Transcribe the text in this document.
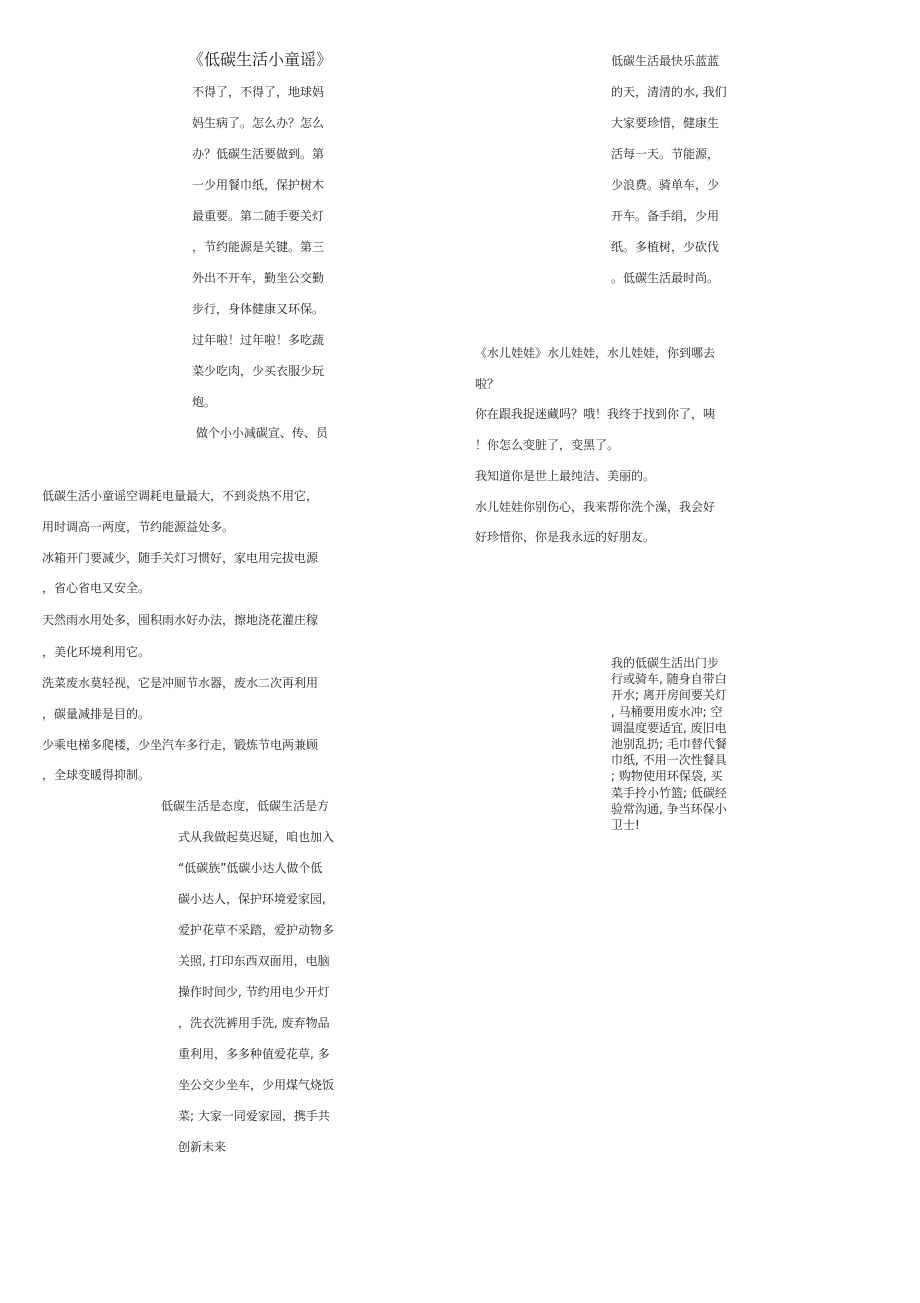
《低碳生活小童谣》
不得了，不得了，地球妈
妈生病了。怎么办？怎么
办？低碳生活要做到。第
一少用餐巾纸，保护树木
最重要。第二随手要关灯
，节约能源是关键。第三
外出不开车，勤坐公交勤
步行，身体健康又环保。
过年啦！过年啦！多吃蔬
菜少吃肉，少买衣服少玩
炮。
做个小小减碳宣、传、员
低碳生活最快乐蓝蓝
的天，清清的水, 我们
大家要珍惜，健康生
活每一天。节能源，
少浪费。骑单车，少
开车。备手绢，少用
纸。多植树，少砍伐
。低碳生活最时尚。
《水儿娃娃》水儿娃娃，水儿娃娃，你到哪去
啦？
你在跟我捉迷藏吗？哦！我终于找到你了，咦
！你怎么变脏了，变黑了。
我知道你是世上最纯洁、美丽的。
水儿娃娃你别伤心，我来帮你洗个澡，我会好
好珍惜你，你是我永远的好朋友。
低碳生活小童谣空调耗电量最大，不到炎热不用它，
用时调高一两度，节约能源益处多。
冰箱开门要减少，随手关灯习惯好，家电用完拔电源
，省心省电又安全。
天然雨水用处多，囤积雨水好办法，擦地浇花灌庄稼
，美化环境利用它。
洗菜废水莫轻视，它是冲厕节水器，废水二次再利用
，碳量减排是目的。
少乘电梯多爬楼，少坐汽车多行走，锻炼节电两兼顾
，全球变暖得抑制。
低碳生活是态度，低碳生活是方
式从我做起莫迟疑，咱也加入
“低碳族”低碳小达人做个低
碳小达人，保护环境爱家园,
爱护花草不采踏，爱护动物多
关照, 打印东西双面用，电脑
操作时间少, 节约用电少开灯
，洗衣洗裤用手洗, 废弃物品
重利用，多多种值爱花草, 多
坐公交少坐车，少用煤气烧饭
菜; 大家一同爱家园，携手共
创新未来
我的低碳生活出门步
行或骑车, 随身自带白
开水; 离开房间要关灯
, 马桶要用废水冲; 空
调温度要适宜, 废旧电
池别乱扔; 毛巾替代餐
巾纸, 不用一次性餐具
; 购物使用环保袋, 买
菜手拎小竹篮; 低碳经
验常沟通, 争当环保小
卫士!
